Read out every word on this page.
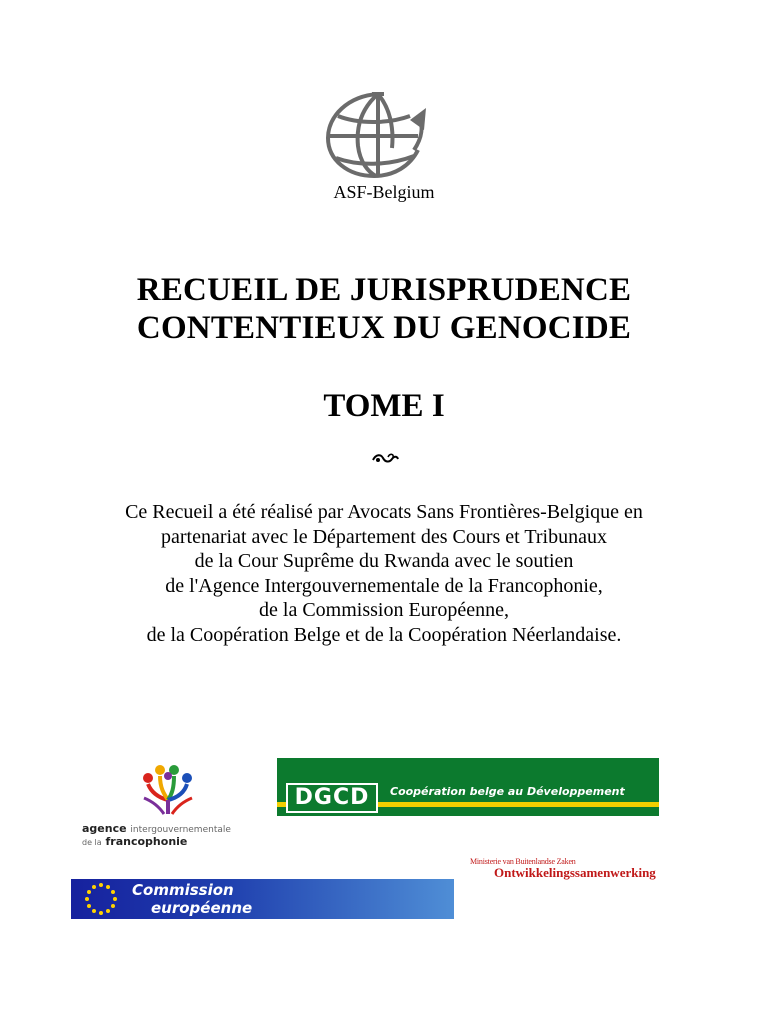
ASF-Belgium
RECUEIL DE JURISPRUDENCE
CONTENTIEUX DU GENOCIDE
TOME I
Ce Recueil a été réalisé par Avocats Sans Frontières-Belgique en
partenariat avec le Département des Cours et Tribunaux
de la Cour Suprême du Rwanda avec le soutien
de l'Agence Intergouvernementale de la Francophonie,
de la Commission Européenne,
de la Coopération Belge et de la Coopération Néerlandaise.
agence intergouvernementale
de la francophonie
DGCD	Coopération belge au Développement
Ministerie van Buitenlandse Zaken
Ontwikkelingssamenwerking
Commission
européenne
